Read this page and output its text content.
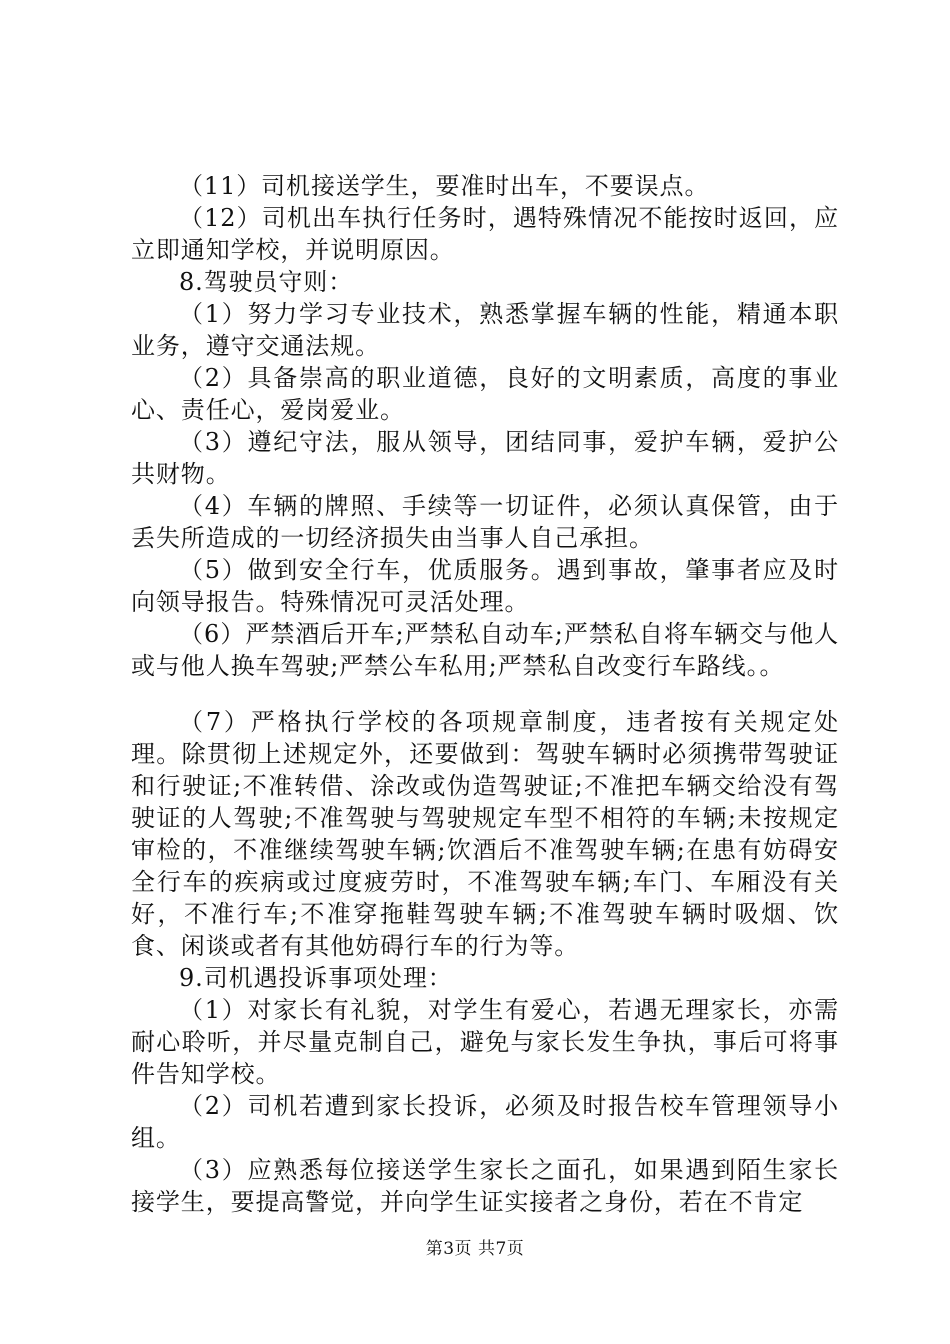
（11）司机接送学生，要准时出车，不要误点。

（12）司机出车执行任务时，遇特殊情况不能按时返回，应立即通知学校，并说明原因。

8.驾驶员守则：

（1）努力学习专业技术，熟悉掌握车辆的性能，精通本职业务，遵守交通法规。

（2）具备崇高的职业道德，良好的文明素质，高度的事业心、责任心，爱岗爱业。

（3）遵纪守法，服从领导，团结同事，爱护车辆，爱护公共财物。

（4）车辆的牌照、手续等一切证件，必须认真保管，由于丢失所造成的一切经济损失由当事人自己承担。

（5）做到安全行车，优质服务。遇到事故，肇事者应及时向领导报告。特殊情况可灵活处理。

（6）严禁酒后开车;严禁私自动车;严禁私自将车辆交与他人或与他人换车驾驶;严禁公车私用;严禁私自改变行车路线。。

（7）严格执行学校的各项规章制度，违者按有关规定处理。除贯彻上述规定外，还要做到：驾驶车辆时必须携带驾驶证和行驶证;不准转借、涂改或伪造驾驶证;不准把车辆交给没有驾驶证的人驾驶;不准驾驶与驾驶规定车型不相符的车辆;未按规定审检的，不准继续驾驶车辆;饮酒后不准驾驶车辆;在患有妨碍安全行车的疾病或过度疲劳时，不准驾驶车辆;车门、车厢没有关好，不准行车;不准穿拖鞋驾驶车辆;不准驾驶车辆时吸烟、饮食、闲谈或者有其他妨碍行车的行为等。

9.司机遇投诉事项处理：

（1）对家长有礼貌，对学生有爱心，若遇无理家长，亦需耐心聆听，并尽量克制自己，避免与家长发生争执，事后可将事件告知学校。

（2）司机若遭到家长投诉，必须及时报告校车管理领导小组。

（3）应熟悉每位接送学生家长之面孔，如果遇到陌生家长接学生，要提高警觉，并向学生证实接者之身份，若在不肯定

第3页 共7页
